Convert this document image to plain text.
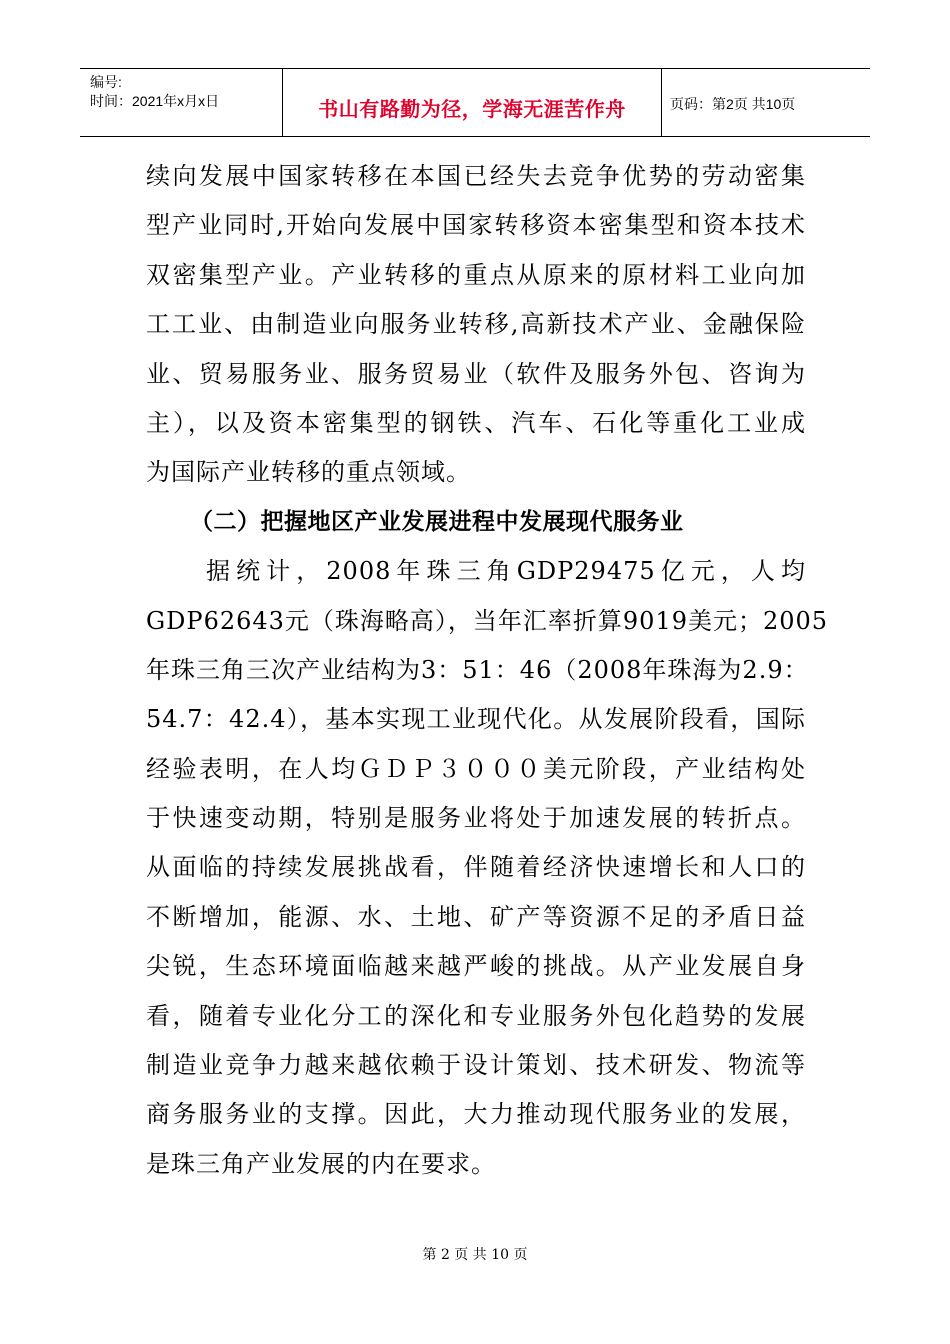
编号:
时间：2021年x月x日	书山有路勤为径，学海无涯苦作舟	页码：第2页 共10页
续向发展中国家转移在本国已经失去竞争优势的劳动密集
型产业同时,开始向发展中国家转移资本密集型和资本技术
双密集型产业。产业转移的重点从原来的原材料工业向加
工工业、由制造业向服务业转移,高新技术产业、金融保险
业、贸易服务业、服务贸易业（软件及服务外包、咨询为
主），以及资本密集型的钢铁、汽车、石化等重化工业成
为国际产业转移的重点领域。
（二）把握地区产业发展进程中发展现代服务业
据统计，2008年珠三角GDP29475亿元，人均
GDP62643元（珠海略高），当年汇率折算9019美元；2005
年珠三角三次产业结构为3：51：46（2008年珠海为2.9：
54.7：42.4），基本实现工业现代化。从发展阶段看，国际
经验表明，在人均ＧＤＰ３０００美元阶段，产业结构处
于快速变动期，特别是服务业将处于加速发展的转折点。
从面临的持续发展挑战看，伴随着经济快速增长和人口的
不断增加，能源、水、土地、矿产等资源不足的矛盾日益
尖锐，生态环境面临越来越严峻的挑战。从产业发展自身
看，随着专业化分工的深化和专业服务外包化趋势的发展
制造业竞争力越来越依赖于设计策划、技术研发、物流等
商务服务业的支撑。因此，大力推动现代服务业的发展，
是珠三角产业发展的内在要求。
第 2 页 共 10 页
